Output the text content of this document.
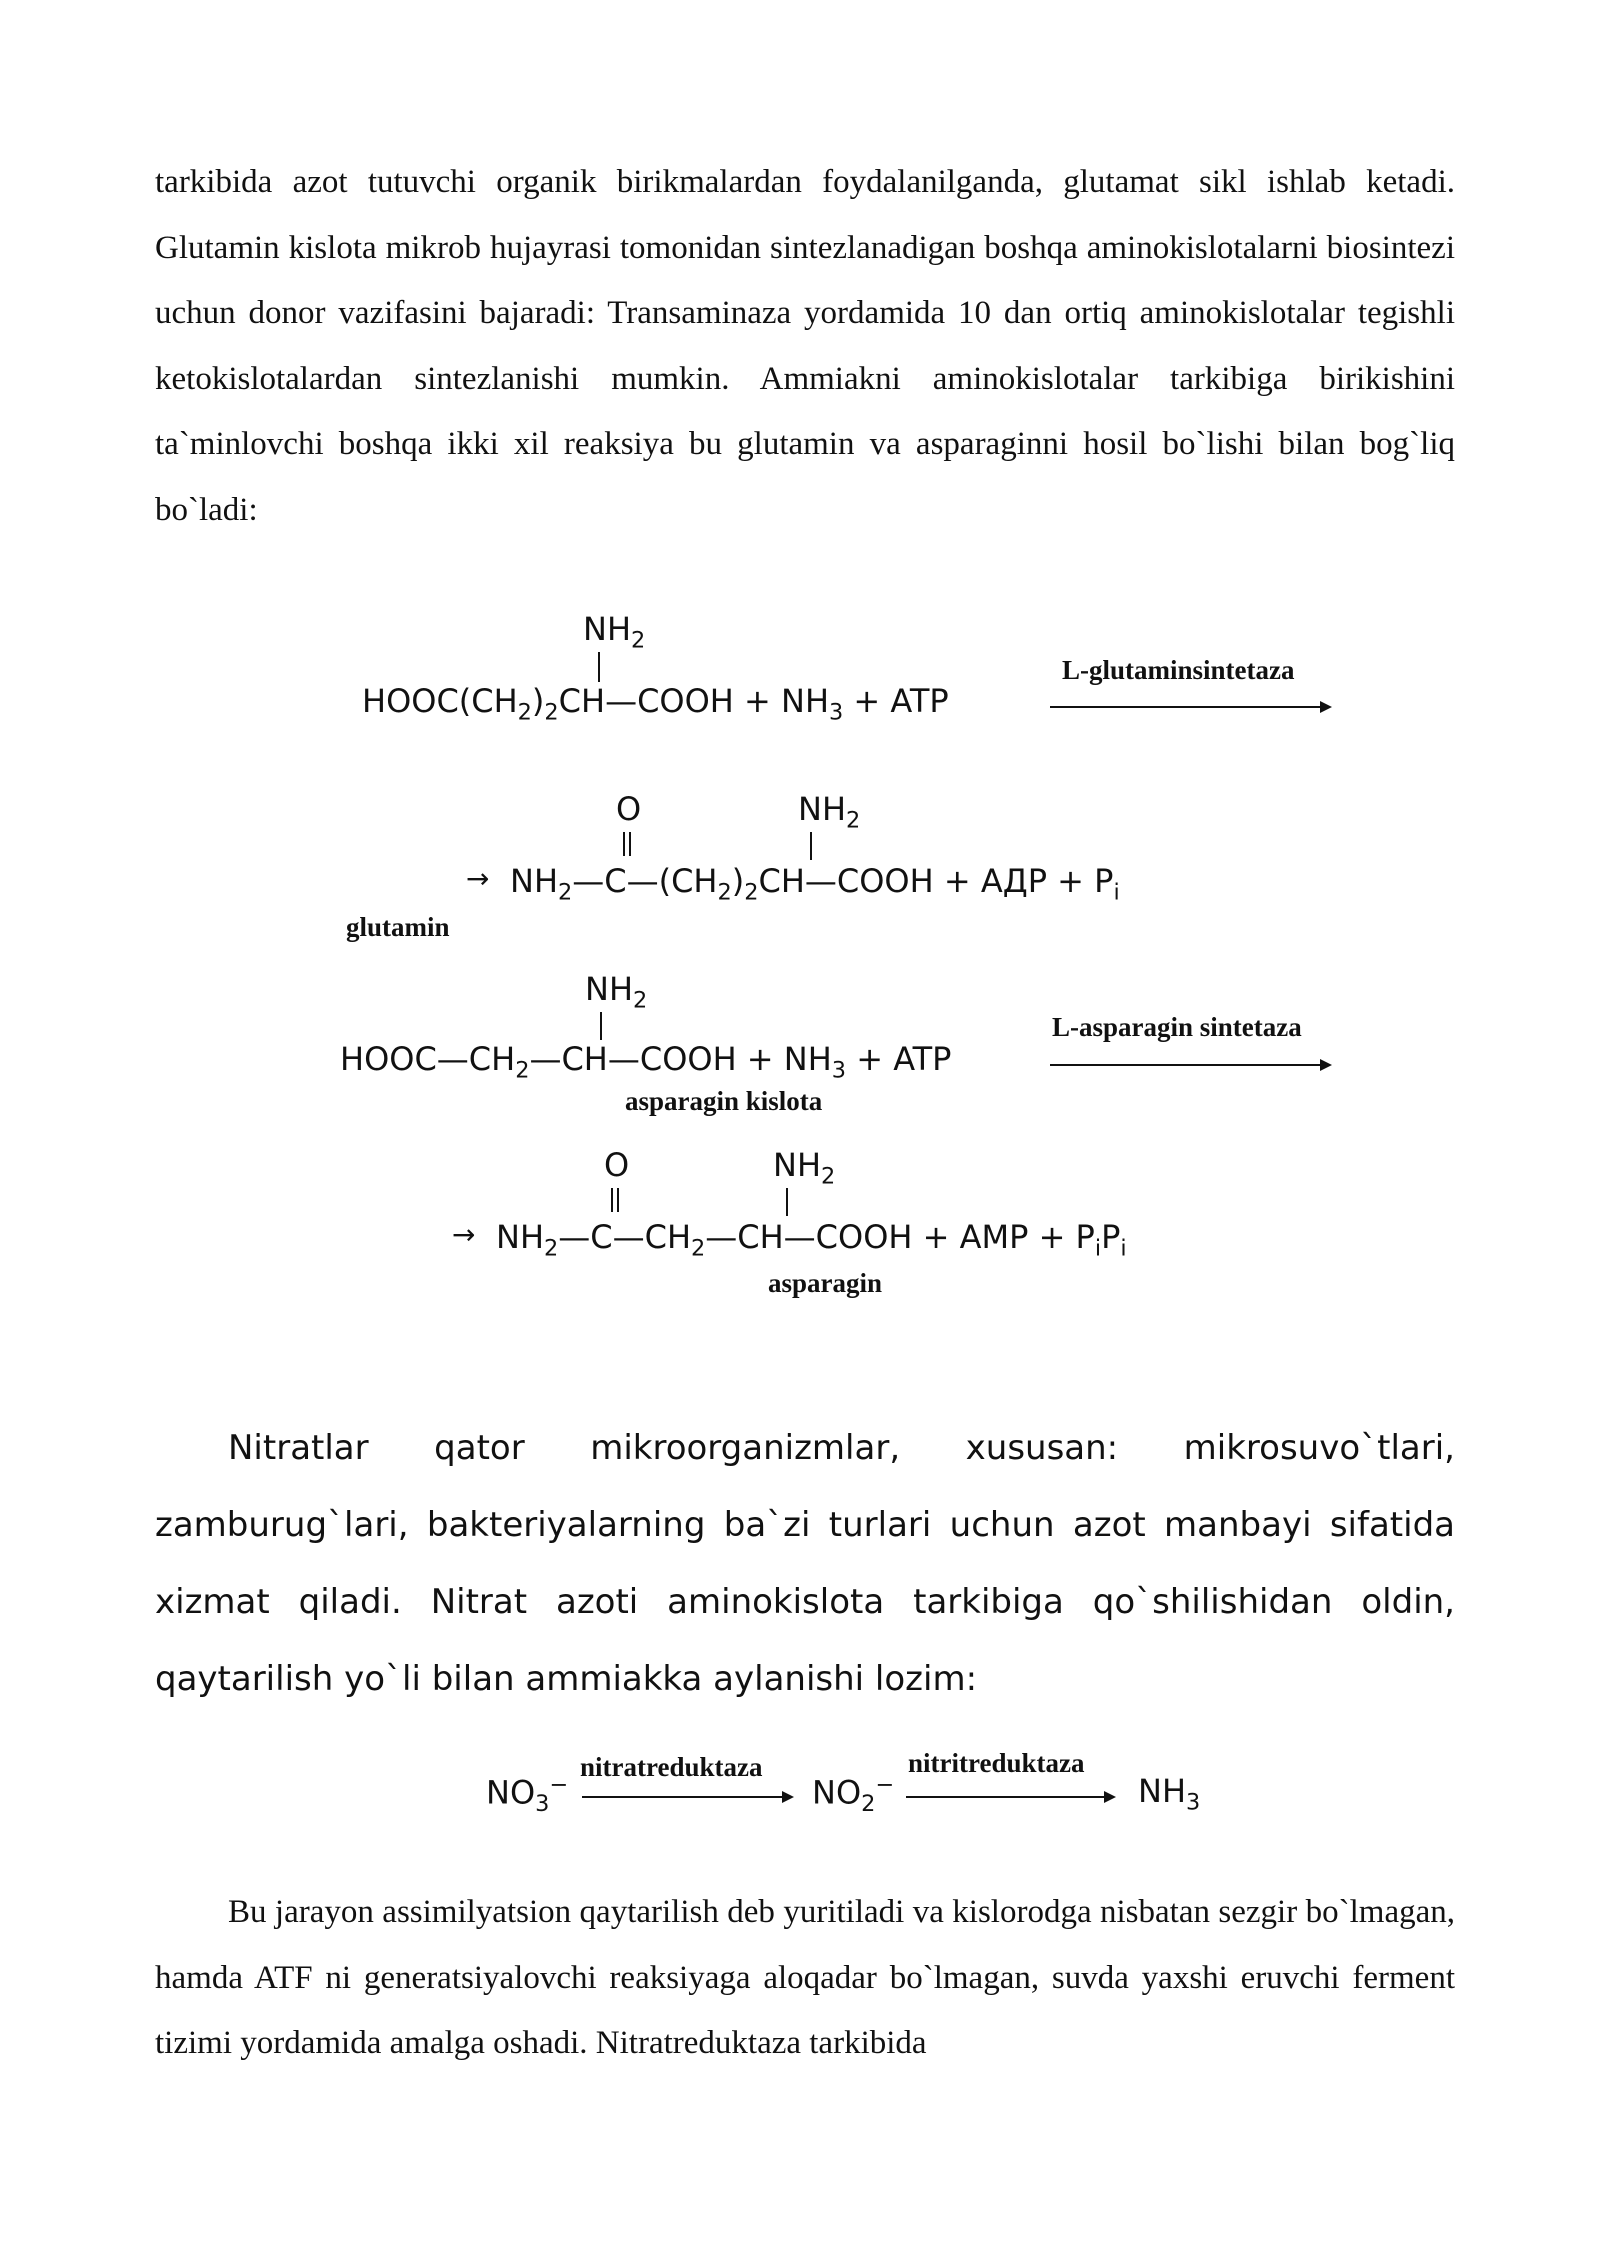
tarkibida azot tutuvchi organik birikmalardan foydalanilganda, glutamat sikl ishlab ketadi. Glutamin kislota mikrob hujayrasi tomonidan sintezlanadigan boshqa aminokislotalarni biosintezi uchun donor vazifasini bajaradi: Transaminaza yordamida 10 dan ortiq aminokislotalar tegishli ketokislotalardan sintezlanishi mumkin. Ammiakni aminokislotalar tarkibiga birikishini ta`minlovchi boshqa ikki xil reaksiya bu glutamin va asparaginni hosil bo`lishi bilan bog`liq bo`ladi:

$NH_2$
$HOOC(CH_2)_2CH—COOH + NH_3$ + ATP
L-glutaminsintetaza
O	$NH_2$
→ $NH_2—C—(CH_2)_2CH—COOH$ + АДР + $P_i$
glutamin
$NH_2$
$HOOC—CH_2—CH—COOH + NH_3$ + ATP
L-asparagin sintetaza
asparagin kislota
O	$NH_2$
→ $NH_2—C—CH_2—CH—COOH$ + AMP + $P_iP_i$
asparagin

Nitratlar qator mikroorganizmlar, xususan: mikrosuvo`tlari, zamburug`lari, bakteriyalarning ba`zi turlari uchun azot manbayi sifatida xizmat qiladi. Nitrat azoti aminokislota tarkibiga qo`shilishidan oldin, qaytarilish yo`li bilan ammiakka aylanishi lozim:

$NO_3^-$
nitratreduktaza
$NO_2^-$
nitritreduktaza
$NH_3$

Bu jarayon assimilyatsion qaytarilish deb yuritiladi va kislorodga nisbatan sezgir bo`lmagan, hamda ATF ni generatsiyalovchi reaksiyaga aloqadar bo`lmagan, suvda yaxshi eruvchi ferment tizimi yordamida amalga oshadi. Nitratreduktaza tarkibida
